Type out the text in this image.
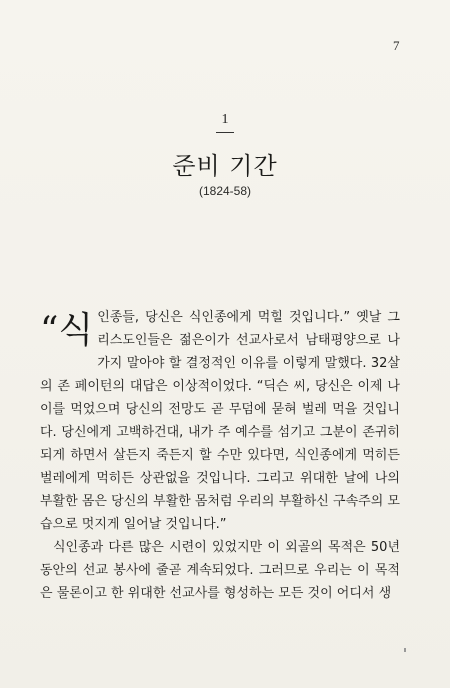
7
1
준비 기간
(1824-58)

“식인종들, 당신은 식인종에게 먹힐 것입니다.” 옛날 그리스도인들은 젊은이가 선교사로서 남태평양으로 나가지 말아야 할 결정적인 이유를 이렇게 말했다. 32살의 존 페이턴의 대답은 이상적이었다. “딕슨 씨, 당신은 이제 나이를 먹었으며 당신의 전망도 곧 무덤에 묻혀 벌레 먹을 것입니다. 당신에게 고백하건대, 내가 주 예수를 섬기고 그분이 존귀히 되게 하면서 살든지 죽든지 할 수만 있다면, 식인종에게 먹히든 벌레에게 먹히든 상관없을 것입니다. 그리고 위대한 날에 나의 부활한 몸은 당신의 부활한 몸처럼 우리의 부활하신 구속주의 모습으로 멋지게 일어날 것입니다.”

식인종과 다른 많은 시련이 있었지만 이 외골의 목적은 50년 동안의 선교 봉사에 줄곧 계속되었다. 그러므로 우리는 이 목적은 물론이고 한 위대한 선교사를 형성하는 모든 것이 어디서 생
